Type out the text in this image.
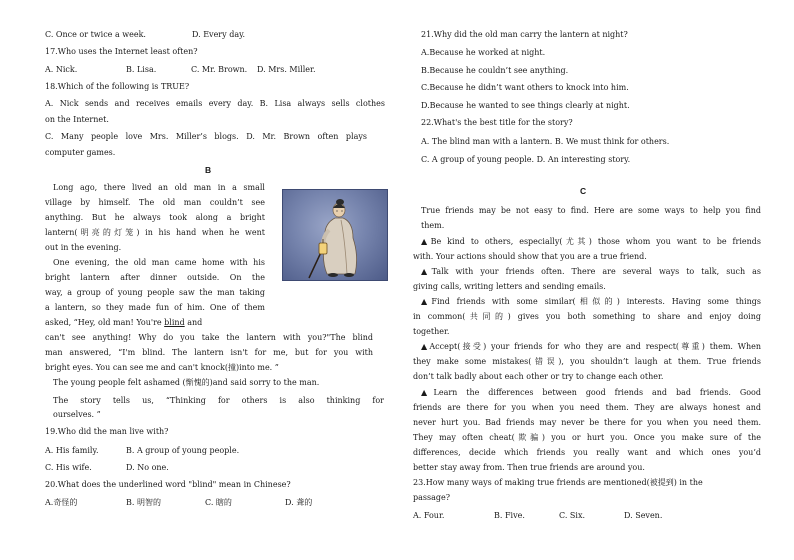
C. Once or twice a week.	D. Every day.
17.Who uses the Internet least often?
A. Nick.	B. Lisa.	C. Mr. Brown. D. Mrs. Miller.
18.Which of the following is TRUE?
A. Nick sends and receives emails every day. B. Lisa always sells clothes
on the Internet.
C. Many people love Mrs. Miller’s blogs. D. Mr. Brown often plays
computer games.
B
Long ago, there lived an old man in a small
village by himself. The old man couldn’t see
anything. But he always took along a bright
lantern(明亮的灯笼) in his hand when he went
out in the evening.
One evening, the old man came home with his
bright lantern after dinner outside. On the
way, a group of young people saw the man taking
a lantern, so they made fun of him. One of them
asked, “Hey, old man! You're blind and
can't see anything! Why do you take the lantern with you?"The blind
man answered, “I'm blind. The lantern isn't for me, but for you with
bright eyes. You can see me and can't knock(撞)into me. ”
The young people felt ashamed (惭愧的)and said sorry to the man.
The story tells us, “Thinking for others is also thinking for
ourselves. ”
19.Who did the man live with?
A. His family.	B. A group of young people.
C. His wife.	D. No one.
20.What does the underlined word "blind" mean in Chinese?
A.奇怪的	B. 明智的	C. 瞎的	D. 聋的
21.Why did the old man carry the lantern at night?
A.Because he worked at night.
B.Because he couldn’t see anything.
C.Because he didn’t want others to knock into him.
D.Because he wanted to see things clearly at night.
22.What's the best title for the story?
A. The blind man with a lantern. B. We must think for others.
C. A group of young people. D. An interesting story.
C
True friends may be not easy to find. Here are some ways to help you find
them.
▲Be kind to others, especially(尤其) those whom you want to be friends
with. Your actions should show that you are a true friend.
▲Talk with your friends often. There are several ways to talk, such as
giving calls, writing letters and sending emails.
▲Find friends with some similar(相似的) interests. Having some things
in common(共同的) gives you both something to share and enjoy doing
together.
▲Accept(接受) your friends for who they are and respect(尊重) them. When
they make some mistakes(错误), you shouldn’t laugh at them. True friends
don’t talk badly about each other or try to change each other.
▲Learn the differences between good friends and bad friends. Good
friends are there for you when you need them. They are always honest and
never hurt you. Bad friends may never be there for you when you need them.
They may often cheat(欺骗) you or hurt you. Once you make sure of the
differences, decide which friends you really want and which ones you’d
better stay away from. Then true friends are around you.
23.How many ways of making true friends are mentioned(被提到) in the
passage?
A. Four.	B. Five.	C. Six.	D. Seven.
